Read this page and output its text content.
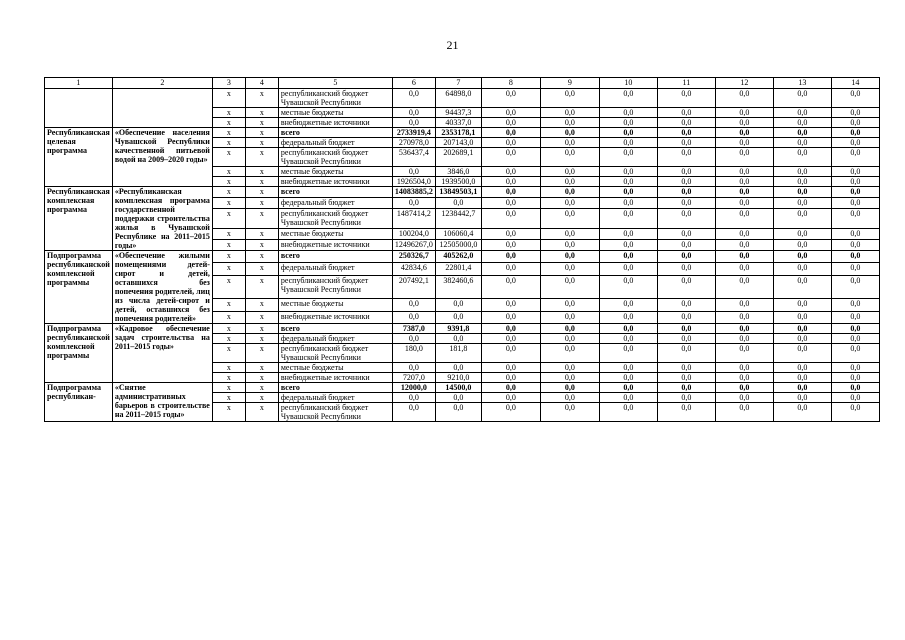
21
1	2	3	4	5	6	7	8	9	10	11	12	13	14
		х	х	республиканский бюджет Чувашской Республики	0,0	64898,0	0,0	0,0	0,0	0,0	0,0	0,0	0,0
		х	х	местные бюджеты	0,0	94437,3	0,0	0,0	0,0	0,0	0,0	0,0	0,0
		х	х	внебюджетные источники	0,0	40337,0	0,0	0,0	0,0	0,0	0,0	0,0	0,0
Республиканская целевая программа	«Обеспечение населения Чувашской Республики качественной питьевой водой на 2009–2020 годы»	х	х	всего	2733919,4	2353178,1	0,0	0,0	0,0	0,0	0,0	0,0	0,0
		х	х	федеральный бюджет	270978,0	207143,0	0,0	0,0	0,0	0,0	0,0	0,0	0,0
		х	х	республиканский бюджет Чувашской Республики	536437,4	202689,1	0,0	0,0	0,0	0,0	0,0	0,0	0,0
		х	х	местные бюджеты	0,0	3846,0	0,0	0,0	0,0	0,0	0,0	0,0	0,0
		х	х	внебюджетные источники	1926504,0	1939500,0	0,0	0,0	0,0	0,0	0,0	0,0	0,0
Республиканская комплексная программа	«Республиканская комплексная программа государственной поддержки строительства жилья в Чувашской Республике на 2011–2015 годы»	х	х	всего	14083885,2	13849503,1	0,0	0,0	0,0	0,0	0,0	0,0	0,0
		х	х	федеральный бюджет	0,0	0,0	0,0	0,0	0,0	0,0	0,0	0,0	0,0
		х	х	республиканский бюджет Чувашской Республики	1487414,2	1238442,7	0,0	0,0	0,0	0,0	0,0	0,0	0,0
		х	х	местные бюджеты	100204,0	106060,4	0,0	0,0	0,0	0,0	0,0	0,0	0,0
		х	х	внебюджетные источники	12496267,0	12505000,0	0,0	0,0	0,0	0,0	0,0	0,0	0,0
Подпрограмма республиканской комплексной программы	«Обеспечение жилыми помещениями детей-сирот и детей, оставшихся без попечения родителей, лиц из числа детей-сирот и детей, оставшихся без попечения родителей»	х	х	всего	250326,7	405262,0	0,0	0,0	0,0	0,0	0,0	0,0	0,0
		х	х	федеральный бюджет	42834,6	22801,4	0,0	0,0	0,0	0,0	0,0	0,0	0,0
		х	х	республиканский бюджет Чувашской Республики	207492,1	382460,6	0,0	0,0	0,0	0,0	0,0	0,0	0,0
		х	х	местные бюджеты	0,0	0,0	0,0	0,0	0,0	0,0	0,0	0,0	0,0
		х	х	внебюджетные источники	0,0	0,0	0,0	0,0	0,0	0,0	0,0	0,0	0,0
Подпрограмма республиканской комплексной программы	«Кадровое обеспечение задач строительства на 2011–2015 годы»	х	х	всего	7387,0	9391,8	0,0	0,0	0,0	0,0	0,0	0,0	0,0
		х	х	федеральный бюджет	0,0	0,0	0,0	0,0	0,0	0,0	0,0	0,0	0,0
		х	х	республиканский бюджет Чувашской Республики	180,0	181,8	0,0	0,0	0,0	0,0	0,0	0,0	0,0
		х	х	местные бюджеты	0,0	0,0	0,0	0,0	0,0	0,0	0,0	0,0	0,0
		х	х	внебюджетные источники	7207,0	9210,0	0,0	0,0	0,0	0,0	0,0	0,0	0,0
Подпрограмма республикан-	«Снятие административных барьеров в строительстве на 2011–2015 годы»	х	х	всего	12000,0	14500,0	0,0	0,0	0,0	0,0	0,0	0,0	0,0
		х	х	федеральный бюджет	0,0	0,0	0,0	0,0	0,0	0,0	0,0	0,0	0,0
		х	х	республиканский бюджет Чувашской Республики	0,0	0,0	0,0	0,0	0,0	0,0	0,0	0,0	0,0
